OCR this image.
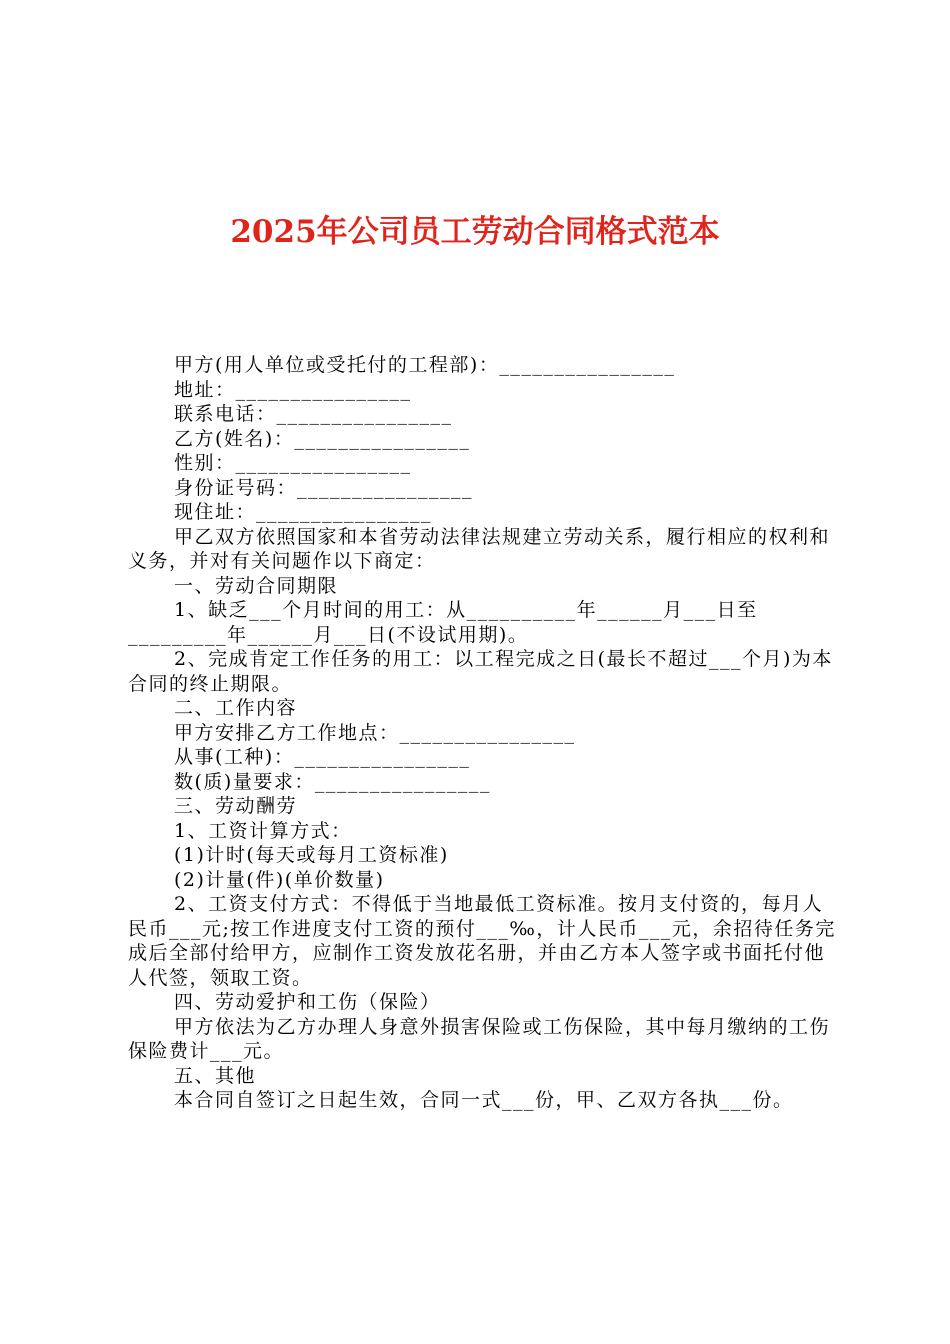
2025年公司员工劳动合同格式范本

甲方(用人单位或受托付的工程部)：________________

地址：________________

联系电话：________________

乙方(姓名)：________________

性别：________________

身份证号码：________________

现住址：________________

甲乙双方依照国家和本省劳动法律法规建立劳动关系，履行相应的权利和义务，并对有关问题作以下商定：

一、劳动合同期限

1、缺乏___个月时间的用工：从__________年______月___日至_________年______月___日(不设试用期)。

2、完成肯定工作任务的用工：以工程完成之日(最长不超过___个月)为本合同的终止期限。

二、工作内容

甲方安排乙方工作地点：________________

从事(工种)：________________

数(质)量要求：________________

三、劳动酬劳

1、工资计算方式：

(1)计时(每天或每月工资标准)

(2)计量(件)(单价数量)

2、工资支付方式：不得低于当地最低工资标准。按月支付资的，每月人民币___元;按工作进度支付工资的预付___‰，计人民币___元，余招待任务完成后全部付给甲方，应制作工资发放花名册，并由乙方本人签字或书面托付他人代签，领取工资。

四、劳动爱护和工伤（保险）

甲方依法为乙方办理人身意外损害保险或工伤保险，其中每月缴纳的工伤保险费计___元。

五、其他

本合同自签订之日起生效，合同一式___份，甲、乙双方各执___份。
